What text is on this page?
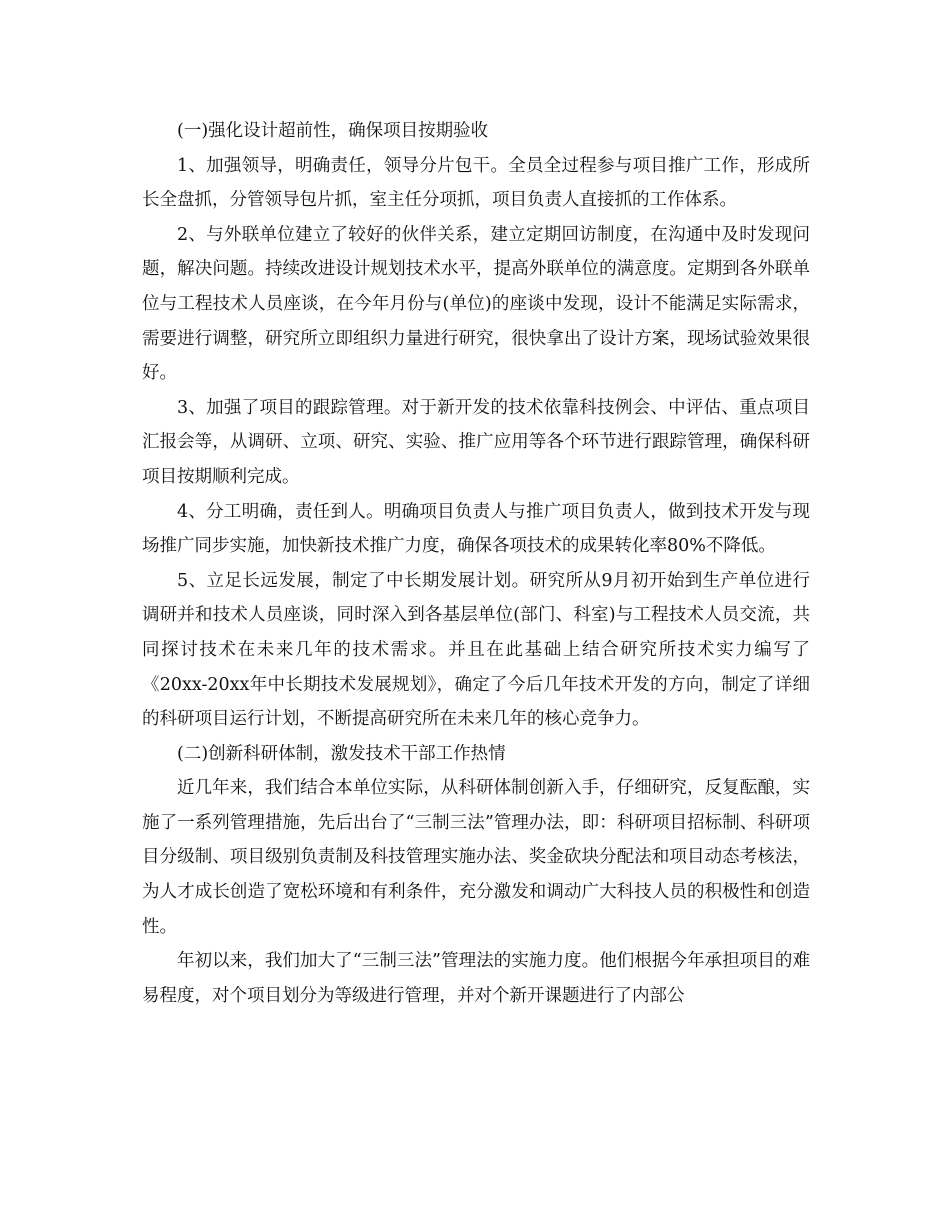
(一)强化设计超前性，确保项目按期验收

1、加强领导，明确责任，领导分片包干。全员全过程参与项目推广工作，形成所长全盘抓，分管领导包片抓，室主任分项抓，项目负责人直接抓的工作体系。

2、与外联单位建立了较好的伙伴关系，建立定期回访制度，在沟通中及时发现问题，解决问题。持续改进设计规划技术水平，提高外联单位的满意度。定期到各外联单位与工程技术人员座谈，在今年月份与(单位)的座谈中发现，设计不能满足实际需求，需要进行调整，研究所立即组织力量进行研究，很快拿出了设计方案，现场试验效果很好。

3、加强了项目的跟踪管理。对于新开发的技术依靠科技例会、中评估、重点项目汇报会等，从调研、立项、研究、实验、推广应用等各个环节进行跟踪管理，确保科研项目按期顺利完成。

4、分工明确，责任到人。明确项目负责人与推广项目负责人，做到技术开发与现场推广同步实施，加快新技术推广力度，确保各项技术的成果转化率80%不降低。

5、立足长远发展，制定了中长期发展计划。研究所从9月初开始到生产单位进行调研并和技术人员座谈，同时深入到各基层单位(部门、科室)与工程技术人员交流，共同探讨技术在未来几年的技术需求。并且在此基础上结合研究所技术实力编写了《20xx-20xx年中长期技术发展规划》，确定了今后几年技术开发的方向，制定了详细的科研项目运行计划，不断提高研究所在未来几年的核心竞争力。

(二)创新科研体制，激发技术干部工作热情

近几年来，我们结合本单位实际，从科研体制创新入手，仔细研究，反复酝酿，实施了一系列管理措施，先后出台了“三制三法”管理办法，即：科研项目招标制、科研项目分级制、项目级别负责制及科技管理实施办法、奖金砍块分配法和项目动态考核法，为人才成长创造了宽松环境和有利条件，充分激发和调动广大科技人员的积极性和创造性。

年初以来，我们加大了“三制三法”管理法的实施力度。他们根据今年承担项目的难易程度，对个项目划分为等级进行管理，并对个新开课题进行了内部公
